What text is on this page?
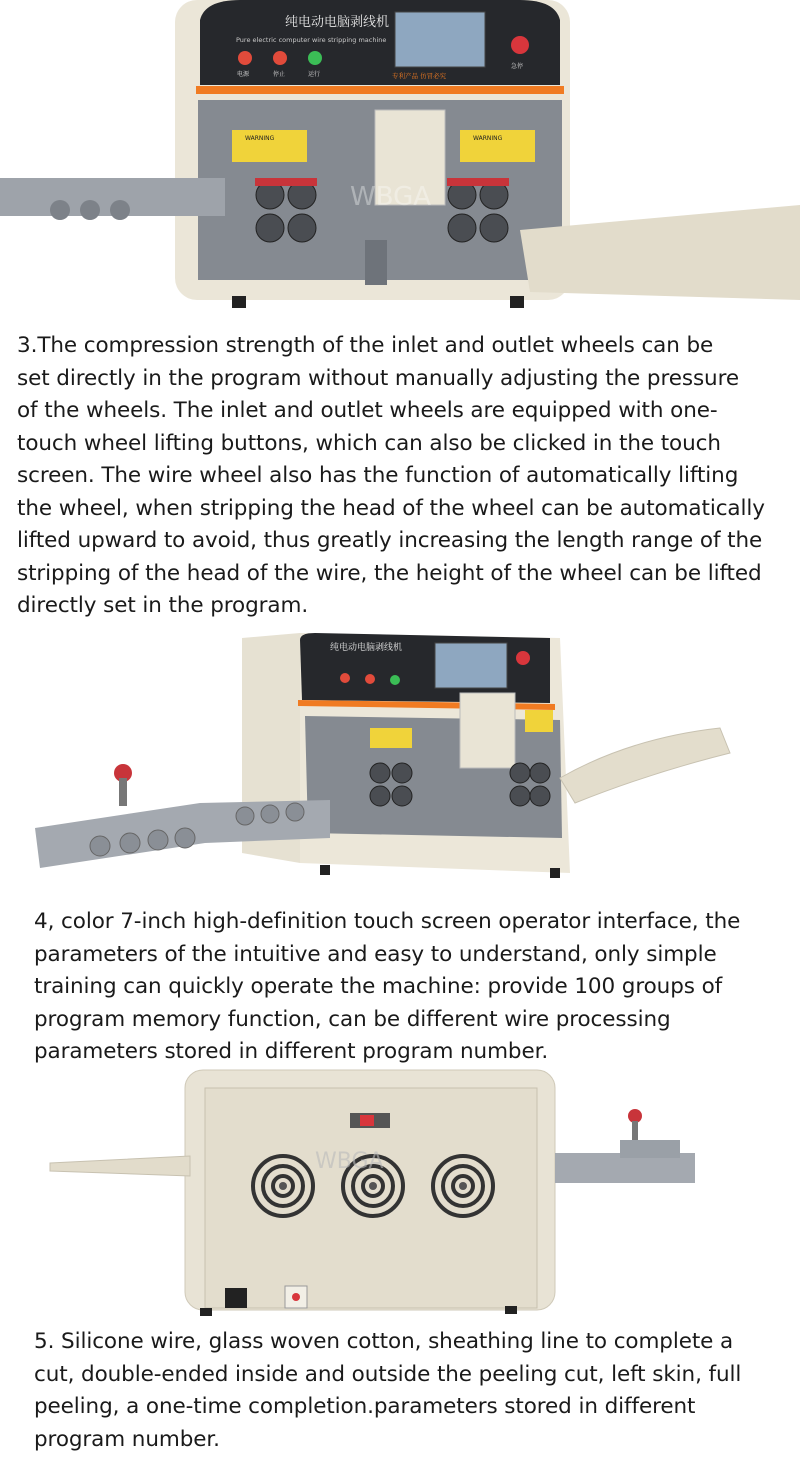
纯电动电脑剥线机
Pure electric computer wire stripping machine
电源	停止	运行	专利产品 仿冒必究
急停
WARNING	WARNING
WBGA
3.The compression strength of the inlet and outlet wheels can be
set directly in the program without manually adjusting the pressure
of the wheels. The inlet and outlet wheels are equipped with one-
touch wheel lifting buttons, which can also be clicked in the touch
screen. The wire wheel also has the function of automatically lifting
the wheel, when stripping the head of the wheel can be automatically
lifted upward to avoid, thus greatly increasing the length range of the
stripping of the head of the wire, the height of the wheel can be lifted
directly set in the program.
纯电动电脑剥线机
4, color 7-inch high-definition touch screen operator interface, the
parameters of the intuitive and easy to understand, only simple
training can quickly operate the machine: provide 100 groups of
program memory function, can be different wire processing
parameters stored in different program number.
WBGA
5. Silicone wire, glass woven cotton, sheathing line to complete a
cut, double-ended inside and outside the peeling cut, left skin, full
peeling, a one-time completion.parameters stored in different
program number.
